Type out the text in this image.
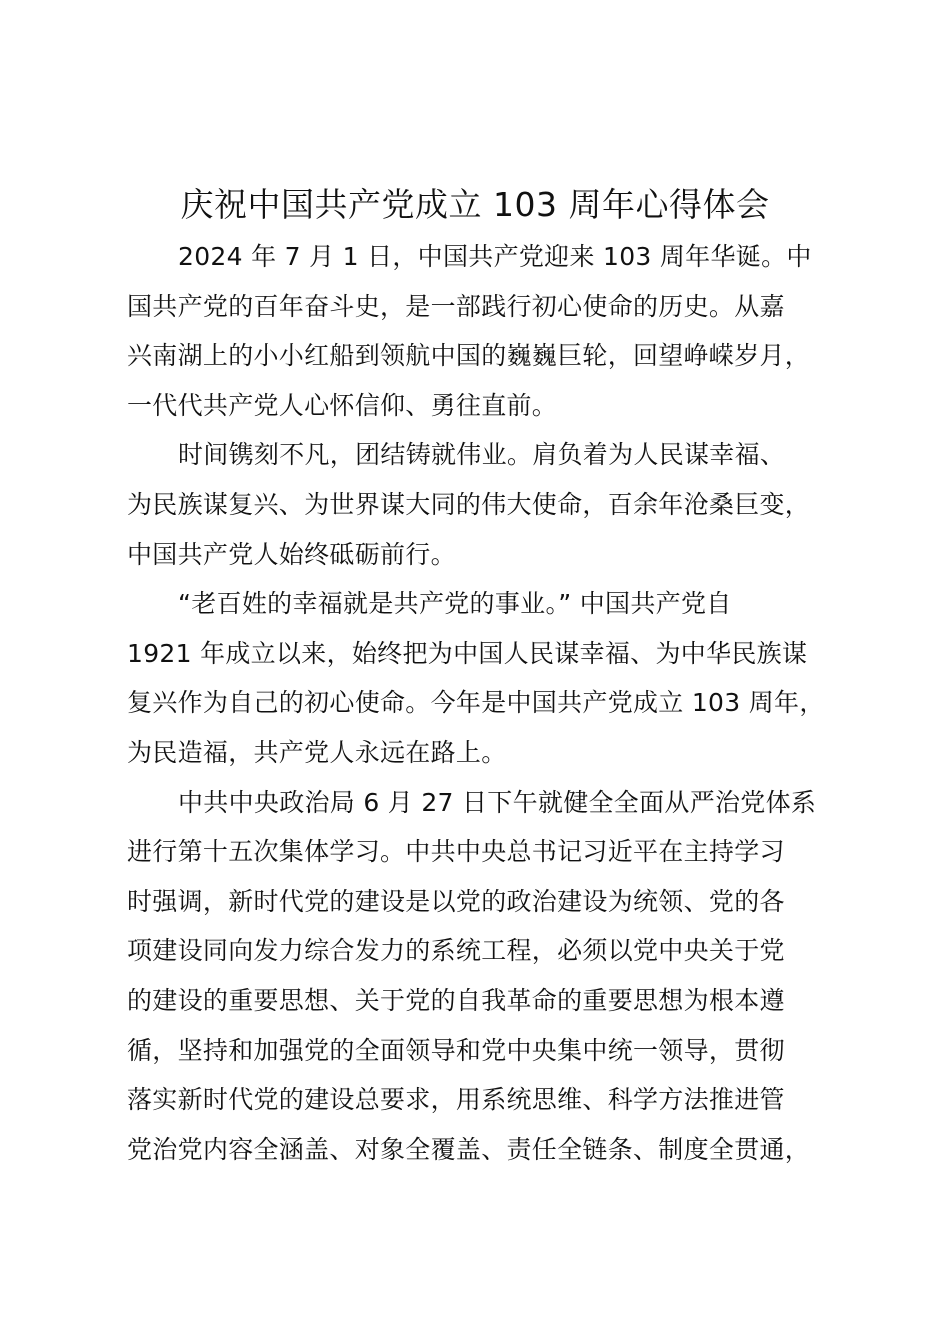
庆祝中国共产党成立 103 周年心得体会

2024 年 7 月 1 日，中国共产党迎来 103 周年华诞。中
国共产党的百年奋斗史，是一部践行初心使命的历史。从嘉
兴南湖上的小小红船到领航中国的巍巍巨轮，回望峥嵘岁月，
一代代共产党人心怀信仰、勇往直前。

时间镌刻不凡，团结铸就伟业。肩负着为人民谋幸福、
为民族谋复兴、为世界谋大同的伟大使命，百余年沧桑巨变，
中国共产党人始终砥砺前行。

“老百姓的幸福就是共产党的事业。” 中国共产党自
1921 年成立以来，始终把为中国人民谋幸福、为中华民族谋
复兴作为自己的初心使命。今年是中国共产党成立 103 周年，
为民造福，共产党人永远在路上。

中共中央政治局 6 月 27 日下午就健全全面从严治党体系
进行第十五次集体学习。中共中央总书记习近平在主持学习
时强调，新时代党的建设是以党的政治建设为统领、党的各
项建设同向发力综合发力的系统工程，必须以党中央关于党
的建设的重要思想、关于党的自我革命的重要思想为根本遵
循，坚持和加强党的全面领导和党中央集中统一领导，贯彻
落实新时代党的建设总要求，用系统思维、科学方法推进管
党治党内容全涵盖、对象全覆盖、责任全链条、制度全贯通，
